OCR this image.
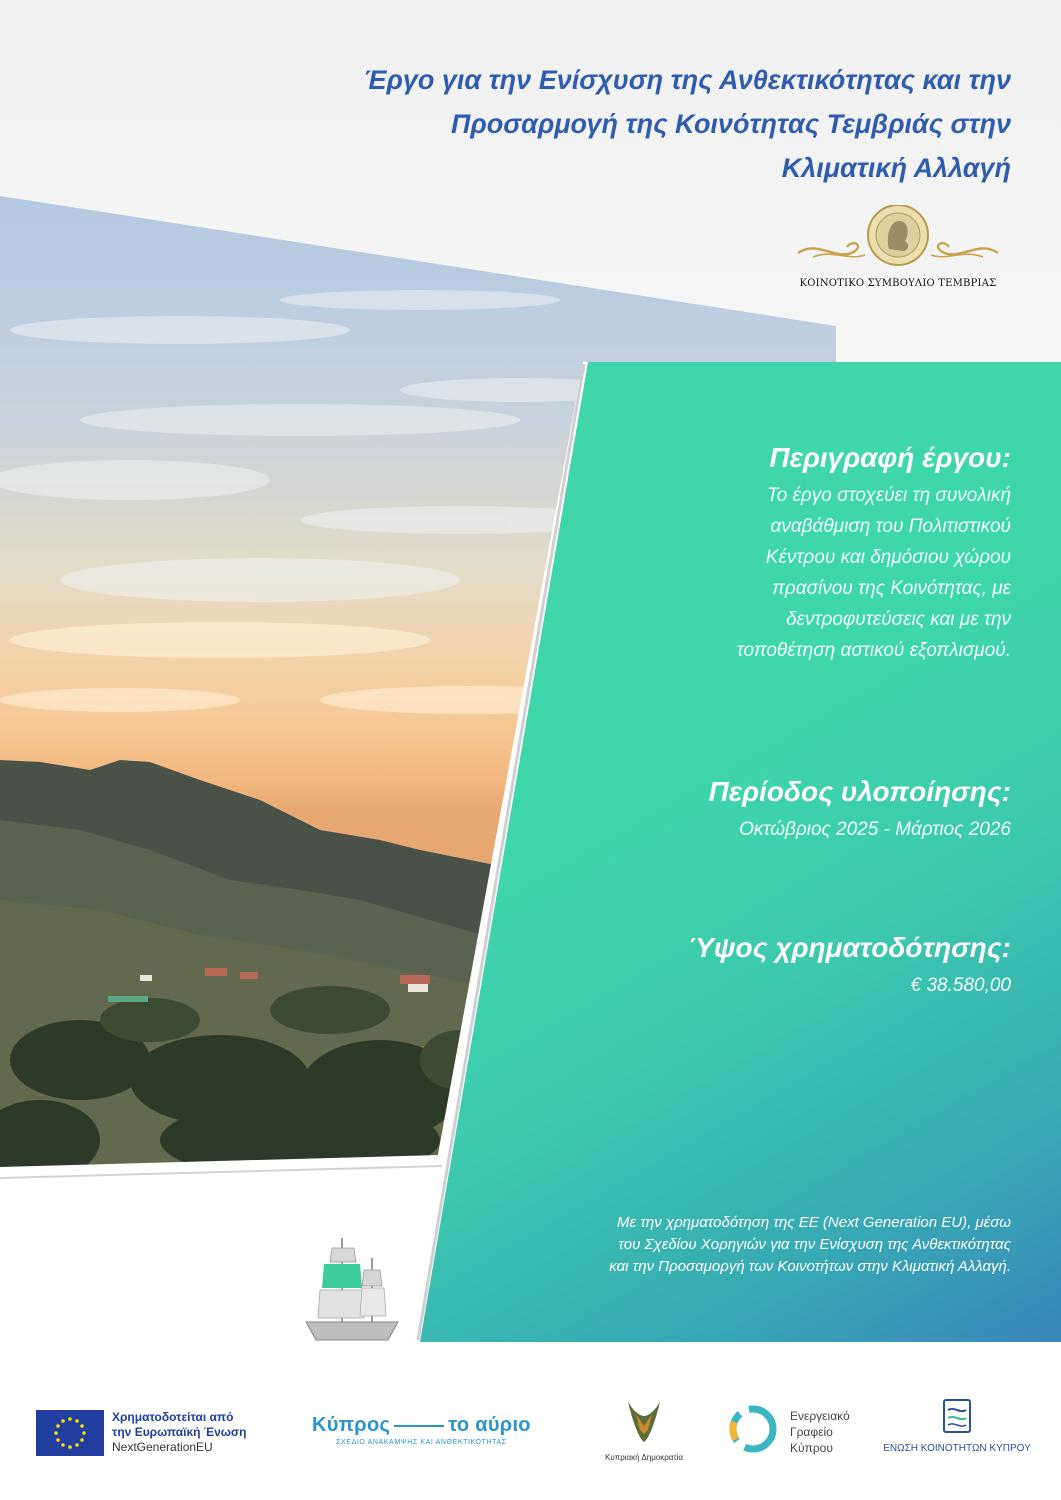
Έργο για την Ενίσχυση της Ανθεκτικότητας και την
Προσαρμογή της Κοινότητας Τεμβριάς στην
Κλιματική Αλλαγή
ΚΟΙΝΟΤΙΚΟ ΣΥΜΒΟΥΛΙΟ ΤΕΜΒΡΙΑΣ

Περιγραφή έργου:

Το έργο στοχεύει τη συνολική
αναβάθμιση του Πολιτιστικού
Κέντρου και δημόσιου χώρου
πρασίνου της Κοινότητας, με
δεντροφυτεύσεις και με την
τοποθέτηση αστικού εξοπλισμού.

Περίοδος υλοποίησης:

Οκτώβριος 2025 - Μάρτιος 2026

Ύψος χρηματοδότησης:

€ 38.580,00

Με την χρηματοδότηση της ΕΕ (Next Generation EU), μέσω
του Σχεδίου Χορηγιών για την Ενίσχυση της Ανθεκτικότητας
και την Προσαμοργή των Κοινοτήτων στην Κλιματική Αλλαγή.

Χρηματοδοτείται από
την Ευρωπαϊκή Ένωση
NextGenerationEU
Κύπρος	το αύριο
ΣΧΕΔΙΟ ΑΝΑΚΑΜΨΗΣ ΚΑΙ ΑΝΘΕΚΤΙΚΟΤΗΤΑΣ
Κυπριακή Δημοκρατία
Ενεργειακό
Γραφείο
Κύπρου	ΕΝΩΣΗ ΚΟΙΝΟΤΗΤΩΝ ΚΥΠΡΟΥ
